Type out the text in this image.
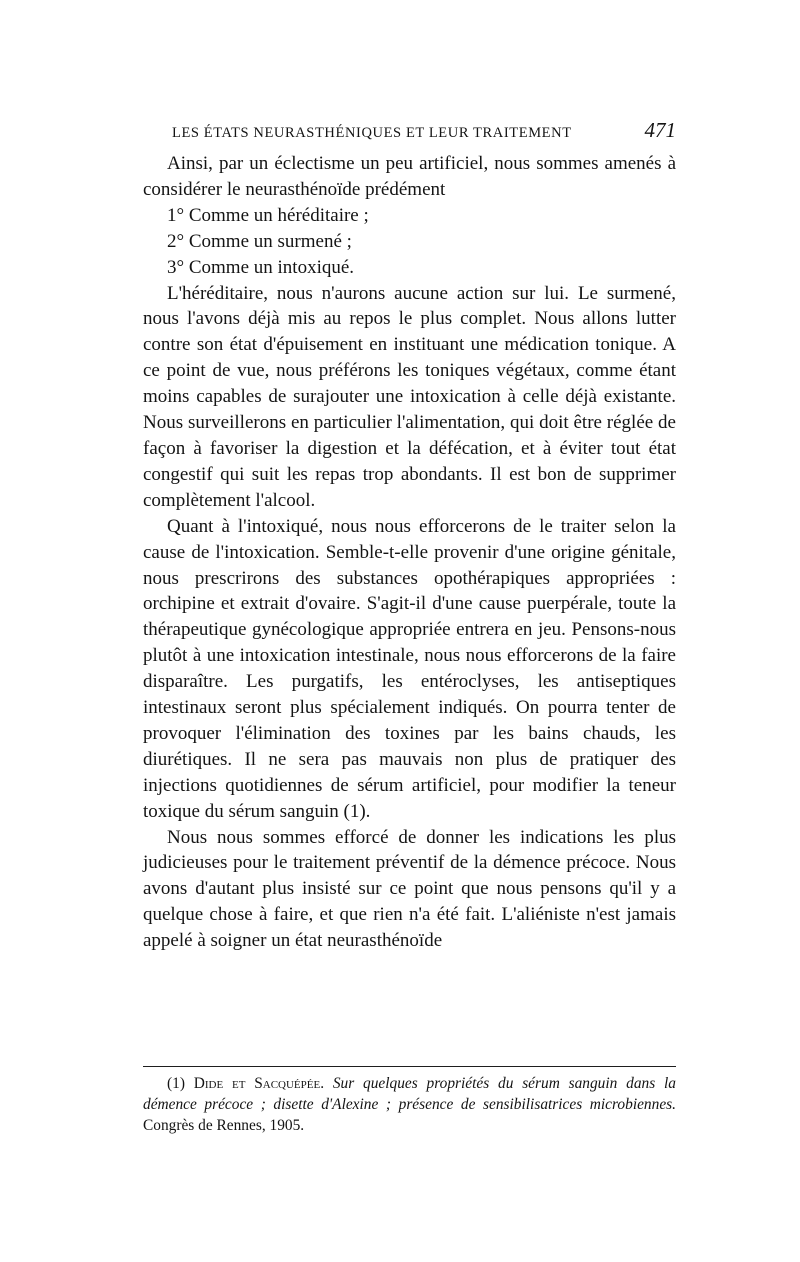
LES ÉTATS NEURASTHÉNIQUES ET LEUR TRAITEMENT	471

Ainsi, par un éclectisme un peu artificiel, nous sommes amenés à considérer le neurasthénoïde prédément

1° Comme un héréditaire ;

2° Comme un surmené ;

3° Comme un intoxiqué.

L'héréditaire, nous n'aurons aucune action sur lui. Le surmené, nous l'avons déjà mis au repos le plus complet. Nous allons lutter contre son état d'épuisement en instituant une médication tonique. A ce point de vue, nous préférons les toniques végétaux, comme étant moins capables de surajouter une intoxication à celle déjà existante. Nous surveillerons en particulier l'alimentation, qui doit être réglée de façon à favoriser la digestion et la défécation, et à éviter tout état congestif qui suit les repas trop abondants. Il est bon de supprimer complètement l'alcool.

Quant à l'intoxiqué, nous nous efforcerons de le traiter selon la cause de l'intoxication. Semble-t-elle provenir d'une origine génitale, nous prescrirons des substances opothérapiques appropriées : orchipine et extrait d'ovaire. S'agit-il d'une cause puerpérale, toute la thérapeutique gynécologique appropriée entrera en jeu. Pensons-nous plutôt à une intoxication intestinale, nous nous efforcerons de la faire disparaître. Les purgatifs, les entéroclyses, les antiseptiques intestinaux seront plus spécialement indiqués. On pourra tenter de provoquer l'élimination des toxines par les bains chauds, les diurétiques. Il ne sera pas mauvais non plus de pratiquer des injections quotidiennes de sérum artificiel, pour modifier la teneur toxique du sérum sanguin (1).

Nous nous sommes efforcé de donner les indications les plus judicieuses pour le traitement préventif de la démence précoce. Nous avons d'autant plus insisté sur ce point que nous pensons qu'il y a quelque chose à faire, et que rien n'a été fait. L'aliéniste n'est jamais appelé à soigner un état neurasthénoïde

(1) Dide et Sacquépée. Sur quelques propriétés du sérum sanguin dans la démence précoce ; disette d'Alexine ; présence de sensibilisatrices microbiennes. Congrès de Rennes, 1905.
